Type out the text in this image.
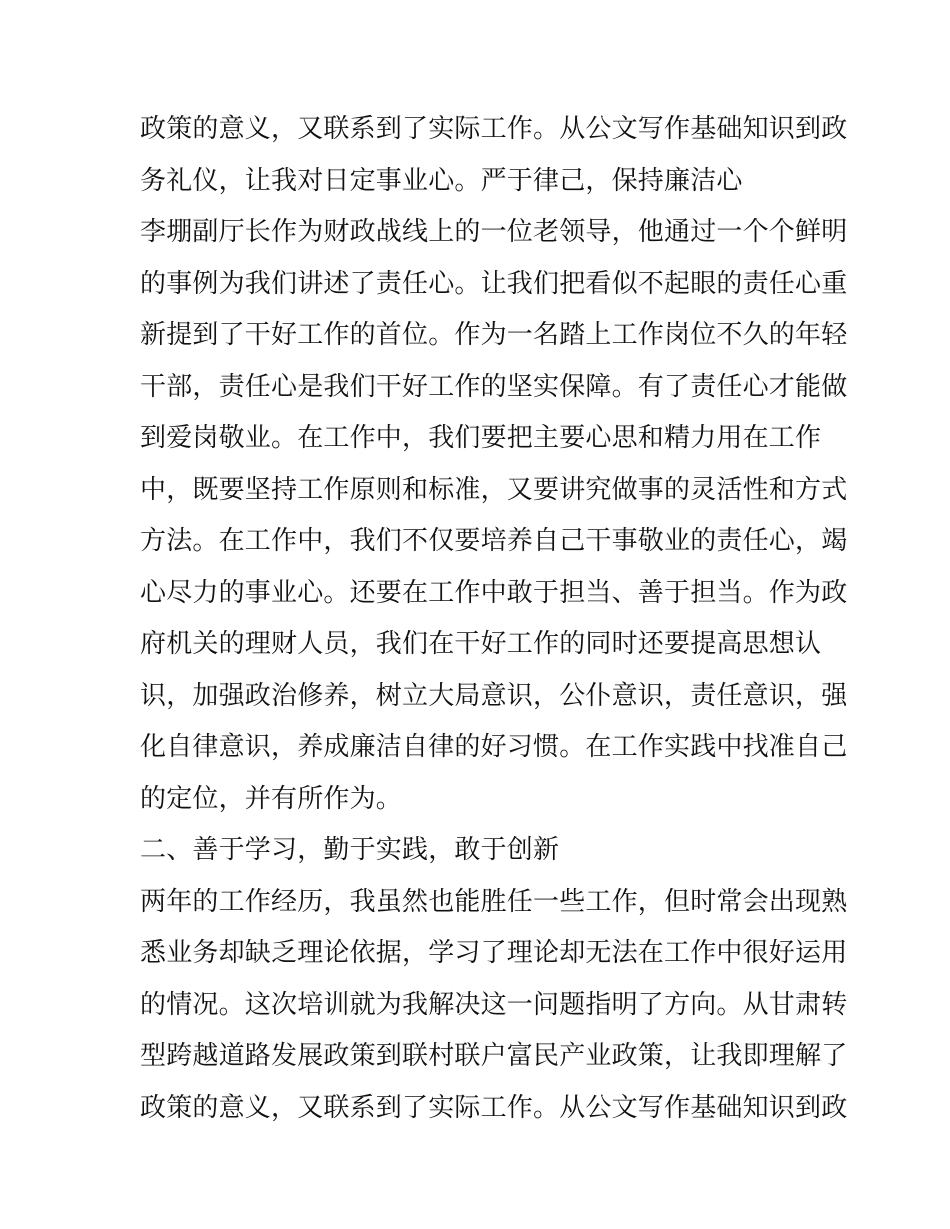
政策的意义，又联系到了实际工作。从公文写作基础知识到政
务礼仪，让我对日定事业心。严于律己，保持廉洁心
李堋副厅长作为财政战线上的一位老领导，他通过一个个鲜明
的事例为我们讲述了责任心。让我们把看似不起眼的责任心重
新提到了干好工作的首位。作为一名踏上工作岗位不久的年轻
干部，责任心是我们干好工作的坚实保障。有了责任心才能做
到爱岗敬业。在工作中，我们要把主要心思和精力用在工作
中，既要坚持工作原则和标准，又要讲究做事的灵活性和方式
方法。在工作中，我们不仅要培养自己干事敬业的责任心，竭
心尽力的事业心。还要在工作中敢于担当、善于担当。作为政
府机关的理财人员，我们在干好工作的同时还要提高思想认
识，加强政治修养，树立大局意识，公仆意识，责任意识，强
化自律意识，养成廉洁自律的好习惯。在工作实践中找准自己
的定位，并有所作为。
二、善于学习，勤于实践，敢于创新
两年的工作经历，我虽然也能胜任一些工作，但时常会出现熟
悉业务却缺乏理论依据，学习了理论却无法在工作中很好运用
的情况。这次培训就为我解决这一问题指明了方向。从甘肃转
型跨越道路发展政策到联村联户富民产业政策，让我即理解了
政策的意义，又联系到了实际工作。从公文写作基础知识到政
